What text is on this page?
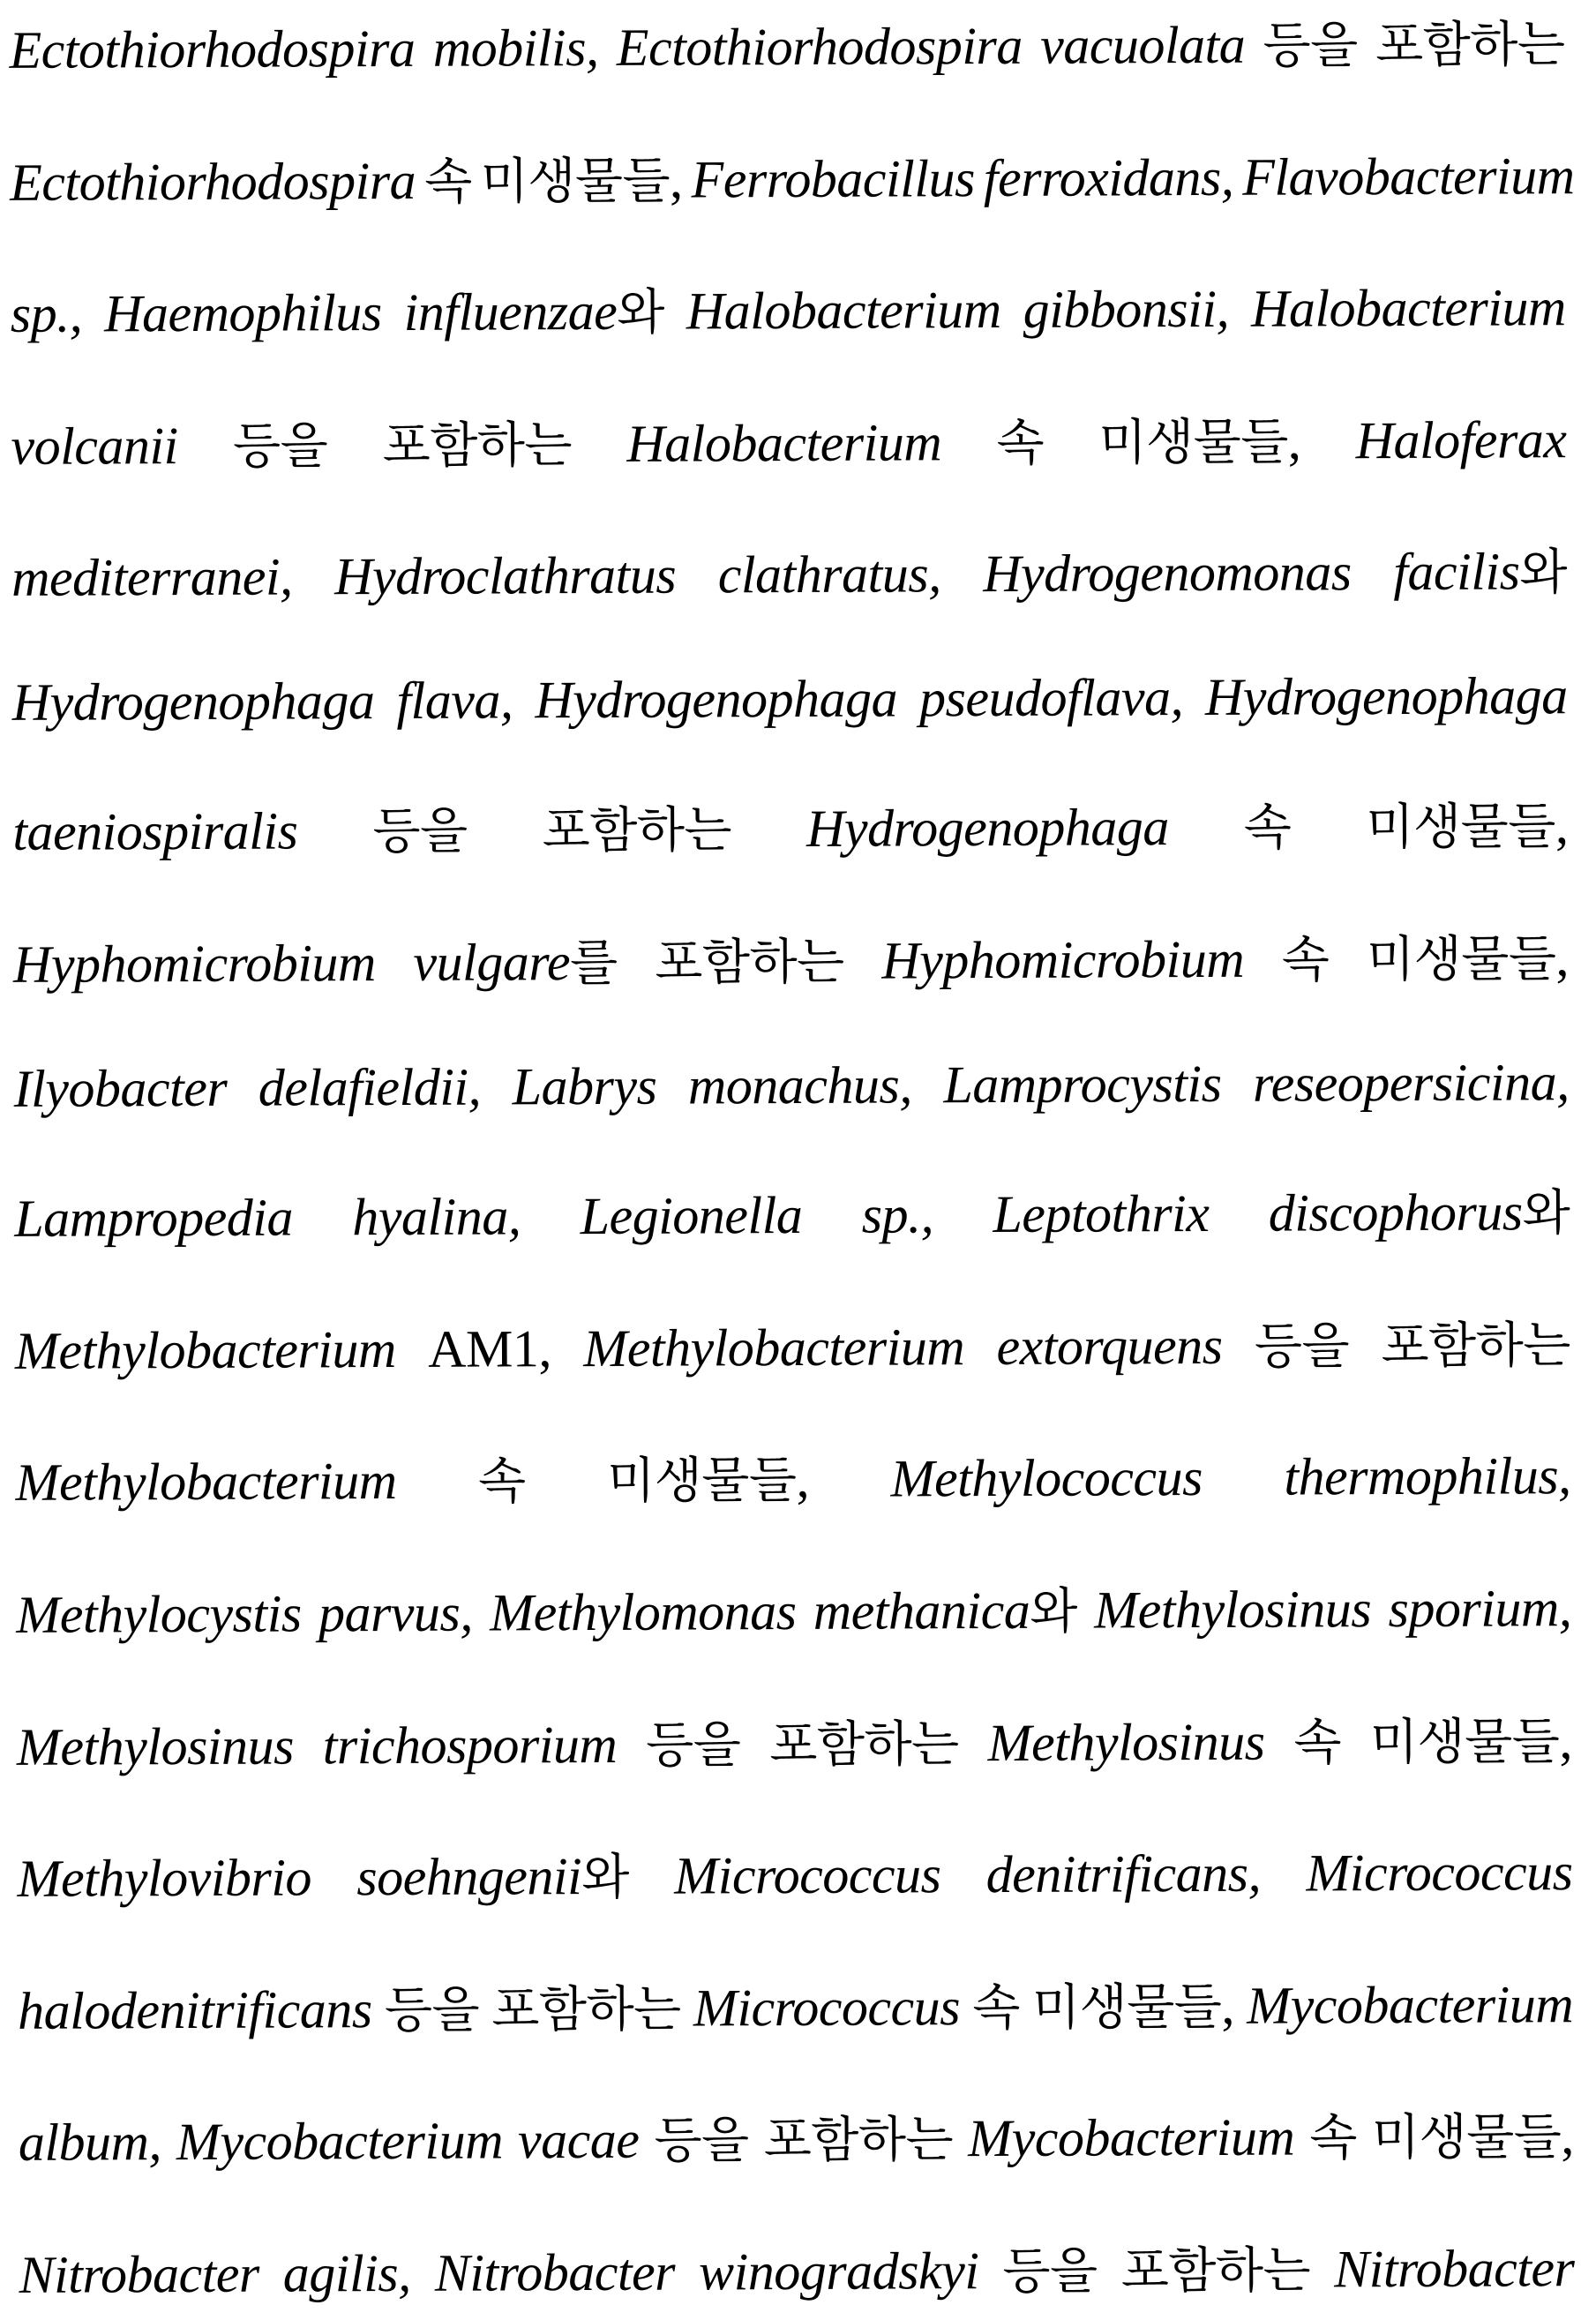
Ectothiorhodospira mobilis, Ectothiorhodospira vacuolata 등을 포함하는
Ectothiorhodospira 속 미생물들, Ferrobacillus ferroxidans, Flavobacterium
sp., Haemophilus influenzae와 Halobacterium gibbonsii, Halobacterium
volcanii 등을 포함하는 Halobacterium 속 미생물들, Haloferax
mediterranei, Hydroclathratus clathratus, Hydrogenomonas facilis와
Hydrogenophaga flava, Hydrogenophaga pseudoflava, Hydrogenophaga
taeniospiralis 등을 포함하는 Hydrogenophaga 속 미생물들,
Hyphomicrobium vulgare를 포함하는 Hyphomicrobium 속 미생물들,
Ilyobacter delafieldii, Labrys monachus, Lamprocystis reseopersicina,
Lampropedia hyalina, Legionella sp., Leptothrix discophorus와
Methylobacterium AM1, Methylobacterium extorquens 등을 포함하는
Methylobacterium 속 미생물들, Methylococcus thermophilus,
Methylocystis parvus, Methylomonas methanica와 Methylosinus sporium,
Methylosinus trichosporium 등을 포함하는 Methylosinus 속 미생물들,
Methylovibrio soehngenii와 Micrococcus denitrificans, Micrococcus
halodenitrificans 등을 포함하는 Micrococcus 속 미생물들, Mycobacterium
album, Mycobacterium vacae 등을 포함하는 Mycobacterium 속 미생물들,
Nitrobacter agilis, Nitrobacter winogradskyi 등을 포함하는 Nitrobacter
